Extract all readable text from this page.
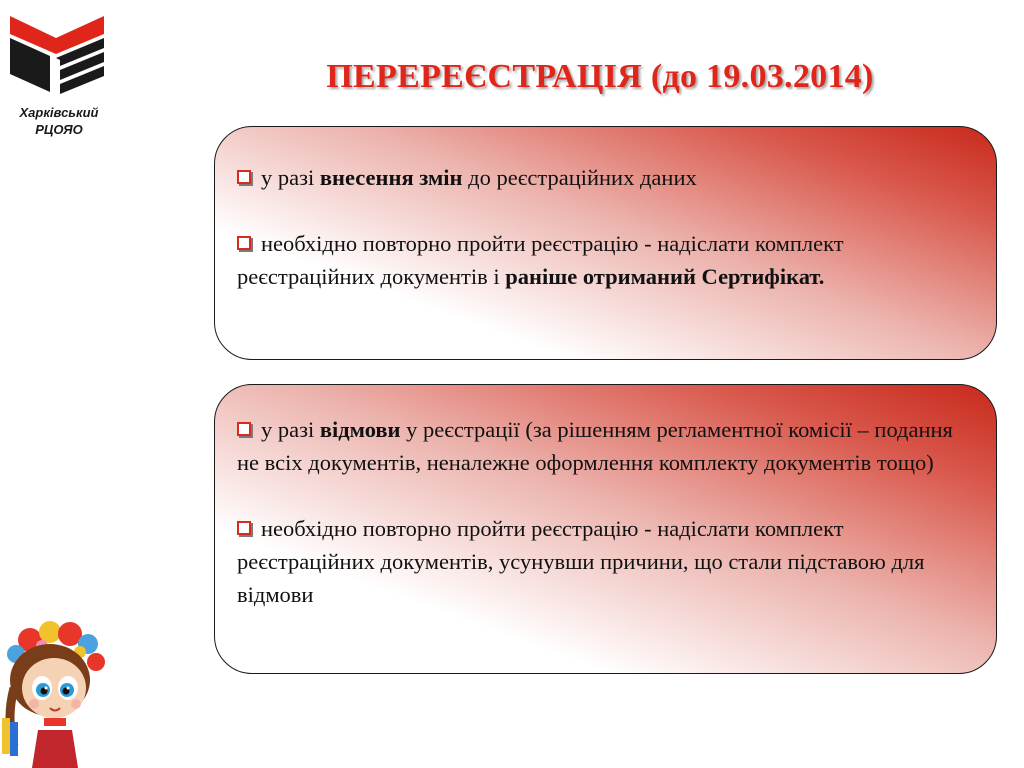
Харківський
РЦОЯО
ПЕРЕРЕЄСТРАЦІЯ (до 19.03.2014)

у разі внесення змін до реєстраційних даних

необхідно повторно пройти реєстрацію - надіслати комплект реєстраційних документів і раніше отриманий Сертифікат.

у разі відмови у реєстрації (за рішенням регламентної комісії – подання не всіх документів, неналежне оформлення комплекту документів тощо)

необхідно повторно пройти реєстрацію - надіслати комплект реєстраційних документів, усунувши причини, що стали підставою для відмови
